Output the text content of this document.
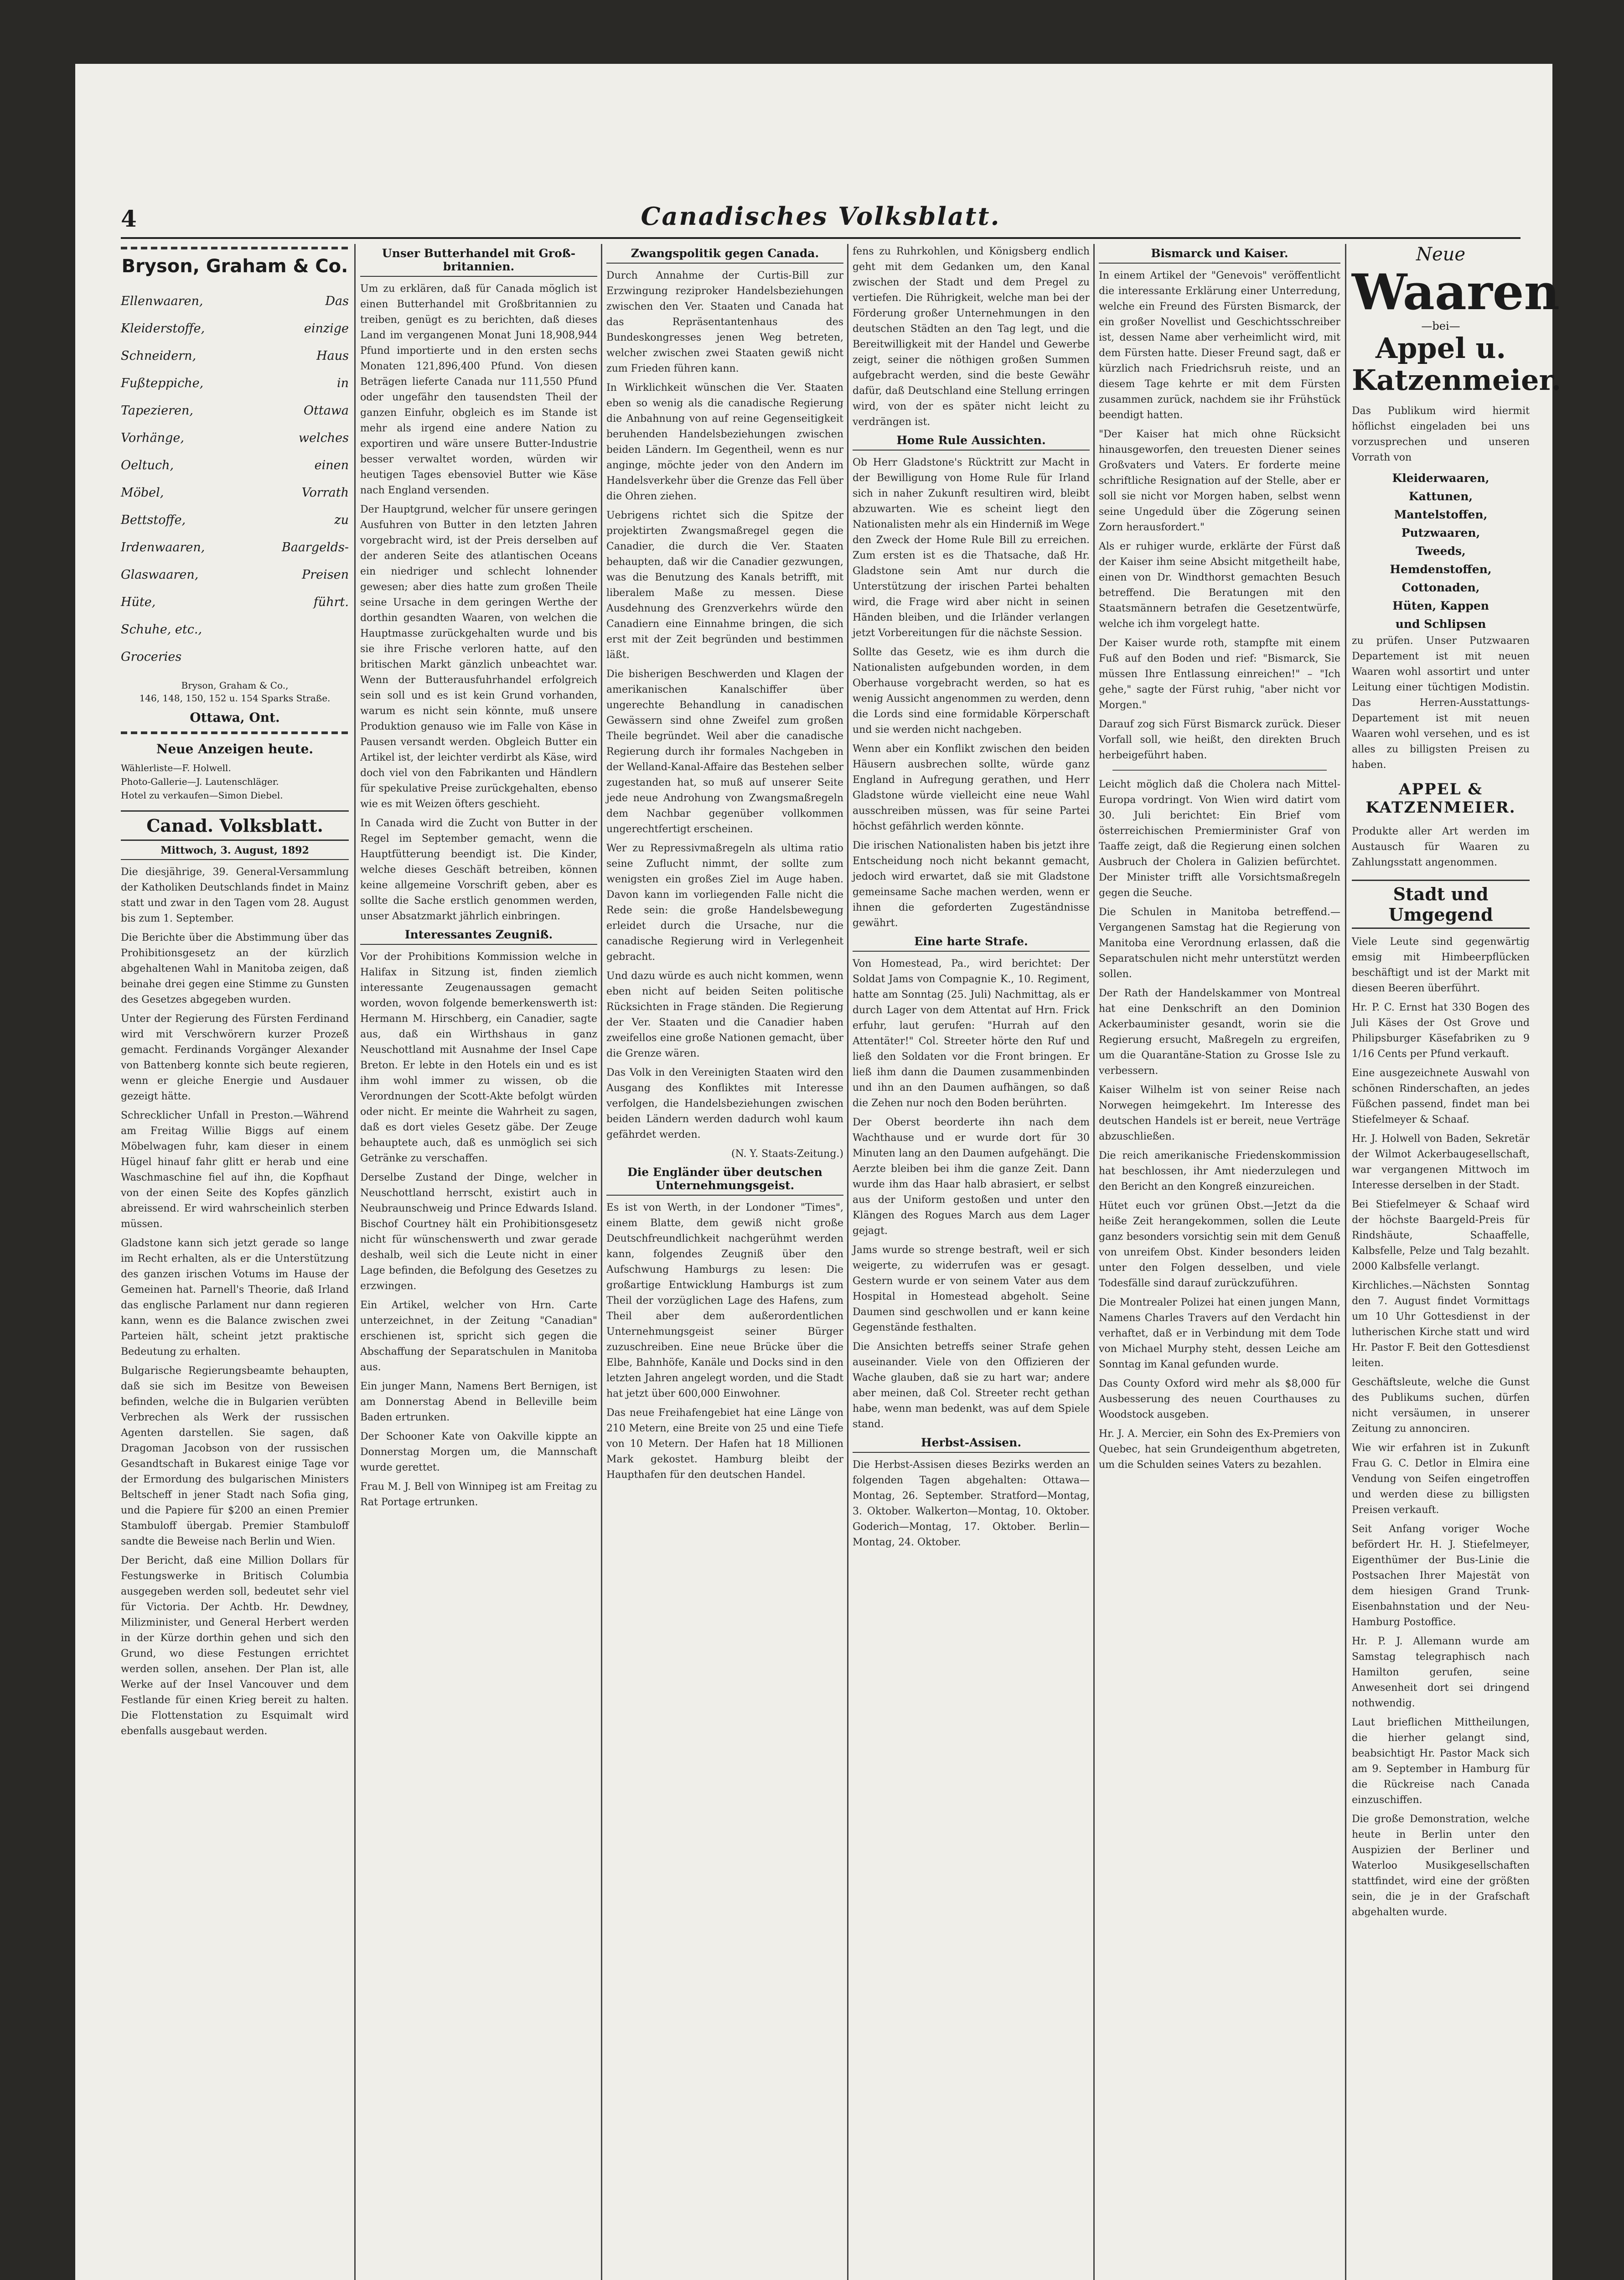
4	Canadisches Volksblatt.
Bryson, Graham & Co.
Ellenwaaren,	Das
Kleiderstoffe,	einzige
Schneidern,	Haus
Fußteppiche,	in
Tapezieren,	Ottawa
Vorhänge,	welches
Oeltuch,	einen
Möbel,	Vorrath
Bettstoffe,	zu
Irdenwaaren,	Baargelds-
Glaswaaren,	Preisen
Hüte,	führt.
Schuhe, etc.,
Groceries
Bryson, Graham & Co.,
146, 148, 150, 152 u. 154 Sparks Straße.
Ottawa, Ont.
Neue Anzeigen heute.
Wählerliste—F. Holwell.
Photo-Gallerie—J. Lautenschläger.
Hotel zu verkaufen—Simon Diebel.
Canad. Volksblatt.
Mittwoch, 3. August, 1892

Die diesjährige, 39. General-Versammlung der Katholiken Deutschlands findet in Mainz statt und zwar in den Tagen vom 28. August bis zum 1. September.

Die Berichte über die Abstimmung über das Prohibitionsgesetz an der kürzlich abgehaltenen Wahl in Manitoba zeigen, daß beinahe drei gegen eine Stimme zu Gunsten des Gesetzes abgegeben wurden.

Unter der Regierung des Fürsten Ferdinand wird mit Verschwörern kurzer Prozeß gemacht. Ferdinands Vorgänger Alexander von Battenberg konnte sich beute regieren, wenn er gleiche Energie und Ausdauer gezeigt hätte.

Schrecklicher Unfall in Preston.—Während am Freitag Willie Biggs auf einem Möbelwagen fuhr, kam dieser in einem Hügel hinauf fahr glitt er herab und eine Waschmaschine fiel auf ihn, die Kopfhaut von der einen Seite des Kopfes gänzlich abreissend. Er wird wahrscheinlich sterben müssen.

Gladstone kann sich jetzt gerade so lange im Recht erhalten, als er die Unterstützung des ganzen irischen Votums im Hause der Gemeinen hat. Parnell's Theorie, daß Irland das englische Parlament nur dann regieren kann, wenn es die Balance zwischen zwei Parteien hält, scheint jetzt praktische Bedeutung zu erhalten.

Bulgarische Regierungsbeamte behaupten, daß sie sich im Besitze von Beweisen befinden, welche die in Bulgarien verübten Verbrechen als Werk der russischen Agenten darstellen. Sie sagen, daß Dragoman Jacobson von der russischen Gesandtschaft in Bukarest einige Tage vor der Ermordung des bulgarischen Ministers Beltscheff in jener Stadt nach Sofia ging, und die Papiere für $200 an einen Premier Stambuloff übergab. Premier Stambuloff sandte die Beweise nach Berlin und Wien.

Der Bericht, daß eine Million Dollars für Festungswerke in Britisch Columbia ausgegeben werden soll, bedeutet sehr viel für Victoria. Der Achtb. Hr. Dewdney, Milizminister, und General Herbert werden in der Kürze dorthin gehen und sich den Grund, wo diese Festungen errichtet werden sollen, ansehen. Der Plan ist, alle Werke auf der Insel Vancouver und dem Festlande für einen Krieg bereit zu halten. Die Flottenstation zu Esquimalt wird ebenfalls ausgebaut werden.

Unser Butterhandel mit Groß-britannien.

Um zu erklären, daß für Canada möglich ist einen Butterhandel mit Großbritannien zu treiben, genügt es zu berichten, daß dieses Land im vergangenen Monat Juni 18,908,944 Pfund importierte und in den ersten sechs Monaten 121,896,400 Pfund. Von diesen Beträgen lieferte Canada nur 111,550 Pfund oder ungefähr den tausendsten Theil der ganzen Einfuhr, obgleich es im Stande ist mehr als irgend eine andere Nation zu exportiren und wäre unsere Butter-Industrie besser verwaltet worden, würden wir heutigen Tages ebensoviel Butter wie Käse nach England versenden.

Der Hauptgrund, welcher für unsere geringen Ausfuhren von Butter in den letzten Jahren vorgebracht wird, ist der Preis derselben auf der anderen Seite des atlantischen Oceans ein niedriger und schlecht lohnender gewesen; aber dies hatte zum großen Theile seine Ursache in dem geringen Werthe der dorthin gesandten Waaren, von welchen die Hauptmasse zurückgehalten wurde und bis sie ihre Frische verloren hatte, auf den britischen Markt gänzlich unbeachtet war. Wenn der Butterausfuhrhandel erfolgreich sein soll und es ist kein Grund vorhanden, warum es nicht sein könnte, muß unsere Produktion genauso wie im Falle von Käse in Pausen versandt werden. Obgleich Butter ein Artikel ist, der leichter verdirbt als Käse, wird doch viel von den Fabrikanten und Händlern für spekulative Preise zurückgehalten, ebenso wie es mit Weizen öfters geschieht.

In Canada wird die Zucht von Butter in der Regel im September gemacht, wenn die Hauptfütterung beendigt ist. Die Kinder, welche dieses Geschäft betreiben, können keine allgemeine Vorschrift geben, aber es sollte die Sache erstlich genommen werden, unser Absatzmarkt jährlich einbringen.

Interessantes Zeugniß.

Vor der Prohibitions Kommission welche in Halifax in Sitzung ist, finden ziemlich interessante Zeugenaussagen gemacht worden, wovon folgende bemerkenswerth ist: Hermann M. Hirschberg, ein Canadier, sagte aus, daß ein Wirthshaus in ganz Neuschottland mit Ausnahme der Insel Cape Breton. Er lebte in den Hotels ein und es ist ihm wohl immer zu wissen, ob die Verordnungen der Scott-Akte befolgt würden oder nicht. Er meinte die Wahrheit zu sagen, daß es dort vieles Gesetz gäbe. Der Zeuge behauptete auch, daß es unmöglich sei sich Getränke zu verschaffen.

Derselbe Zustand der Dinge, welcher in Neuschottland herrscht, existirt auch in Neubraunschweig und Prince Edwards Island. Bischof Courtney hält ein Prohibitionsgesetz nicht für wünschenswerth und zwar gerade deshalb, weil sich die Leute nicht in einer Lage befinden, die Befolgung des Gesetzes zu erzwingen.

Ein Artikel, welcher von Hrn. Carte unterzeichnet, in der Zeitung "Canadian" erschienen ist, spricht sich gegen die Abschaffung der Separatschulen in Manitoba aus.

Ein junger Mann, Namens Bert Bernigen, ist am Donnerstag Abend in Belleville beim Baden ertrunken.

Der Schooner Kate von Oakville kippte an Donnerstag Morgen um, die Mannschaft wurde gerettet.

Frau M. J. Bell von Winnipeg ist am Freitag zu Rat Portage ertrunken.

Zwangspolitik gegen Canada.

Durch Annahme der Curtis-Bill zur Erzwingung reziproker Handelsbeziehungen zwischen den Ver. Staaten und Canada hat das Repräsentantenhaus des Bundeskongresses jenen Weg betreten, welcher zwischen zwei Staaten gewiß nicht zum Frieden führen kann.

In Wirklichkeit wünschen die Ver. Staaten eben so wenig als die canadische Regierung die Anbahnung von auf reine Gegenseitigkeit beruhenden Handelsbeziehungen zwischen beiden Ländern. Im Gegentheil, wenn es nur anginge, möchte jeder von den Andern im Handelsverkehr über die Grenze das Fell über die Ohren ziehen.

Uebrigens richtet sich die Spitze der projektirten Zwangsmaßregel gegen die Canadier, die durch die Ver. Staaten behaupten, daß wir die Canadier gezwungen, was die Benutzung des Kanals betrifft, mit liberalem Maße zu messen. Diese Ausdehnung des Grenzverkehrs würde den Canadiern eine Einnahme bringen, die sich erst mit der Zeit begründen und bestimmen läßt.

Die bisherigen Beschwerden und Klagen der amerikanischen Kanalschiffer über ungerechte Behandlung in canadischen Gewässern sind ohne Zweifel zum großen Theile begründet. Weil aber die canadische Regierung durch ihr formales Nachgeben in der Welland-Kanal-Affaire das Bestehen selber zugestanden hat, so muß auf unserer Seite jede neue Androhung von Zwangsmaßregeln dem Nachbar gegenüber vollkommen ungerechtfertigt erscheinen.

Wer zu Repressivmaßregeln als ultima ratio seine Zuflucht nimmt, der sollte zum wenigsten ein großes Ziel im Auge haben. Davon kann im vorliegenden Falle nicht die Rede sein: die große Handelsbewegung erleidet durch die Ursache, nur die canadische Regierung wird in Verlegenheit gebracht.

Und dazu würde es auch nicht kommen, wenn eben nicht auf beiden Seiten politische Rücksichten in Frage ständen. Die Regierung der Ver. Staaten und die Canadier haben zweifellos eine große Nationen gemacht, über die Grenze wären.

Das Volk in den Vereinigten Staaten wird den Ausgang des Konfliktes mit Interesse verfolgen, die Handelsbeziehungen zwischen beiden Ländern werden dadurch wohl kaum gefährdet werden.

(N. Y. Staats-Zeitung.)

Die Engländer über deutschen Unternehmungsgeist.

Es ist von Werth, in der Londoner "Times", einem Blatte, dem gewiß nicht große Deutschfreundlichkeit nachgerühmt werden kann, folgendes Zeugniß über den Aufschwung Hamburgs zu lesen: Die großartige Entwicklung Hamburgs ist zum Theil der vorzüglichen Lage des Hafens, zum Theil aber dem außerordentlichen Unternehmungsgeist seiner Bürger zuzuschreiben. Eine neue Brücke über die Elbe, Bahnhöfe, Kanäle und Docks sind in den letzten Jahren angelegt worden, und die Stadt hat jetzt über 600,000 Einwohner.

Das neue Freihafengebiet hat eine Länge von 210 Metern, eine Breite von 25 und eine Tiefe von 10 Metern. Der Hafen hat 18 Millionen Mark gekostet. Hamburg bleibt der Haupthafen für den deutschen Handel.

fens zu Ruhrkohlen, und Königsberg endlich geht mit dem Gedanken um, den Kanal zwischen der Stadt und dem Pregel zu vertiefen. Die Rührigkeit, welche man bei der Förderung großer Unternehmungen in den deutschen Städten an den Tag legt, und die Bereitwilligkeit mit der Handel und Gewerbe zeigt, seiner die nöthigen großen Summen aufgebracht werden, sind die beste Gewähr dafür, daß Deutschland eine Stellung erringen wird, von der es später nicht leicht zu verdrängen ist.

Home Rule Aussichten.

Ob Herr Gladstone's Rücktritt zur Macht in der Bewilligung von Home Rule für Irland sich in naher Zukunft resultiren wird, bleibt abzuwarten. Wie es scheint liegt den Nationalisten mehr als ein Hinderniß im Wege den Zweck der Home Rule Bill zu erreichen. Zum ersten ist es die Thatsache, daß Hr. Gladstone sein Amt nur durch die Unterstützung der irischen Partei behalten wird, die Frage wird aber nicht in seinen Händen bleiben, und die Irländer verlangen jetzt Vorbereitungen für die nächste Session.

Sollte das Gesetz, wie es ihm durch die Nationalisten aufgebunden worden, in dem Oberhause vorgebracht werden, so hat es wenig Aussicht angenommen zu werden, denn die Lords sind eine formidable Körperschaft und sie werden nicht nachgeben.

Wenn aber ein Konflikt zwischen den beiden Häusern ausbrechen sollte, würde ganz England in Aufregung gerathen, und Herr Gladstone würde vielleicht eine neue Wahl ausschreiben müssen, was für seine Partei höchst gefährlich werden könnte.

Die irischen Nationalisten haben bis jetzt ihre Entscheidung noch nicht bekannt gemacht, jedoch wird erwartet, daß sie mit Gladstone gemeinsame Sache machen werden, wenn er ihnen die geforderten Zugeständnisse gewährt.

Eine harte Strafe.

Von Homestead, Pa., wird berichtet: Der Soldat Jams von Compagnie K., 10. Regiment, hatte am Sonntag (25. Juli) Nachmittag, als er durch Lager von dem Attentat auf Hrn. Frick erfuhr, laut gerufen: "Hurrah auf den Attentäter!" Col. Streeter hörte den Ruf und ließ den Soldaten vor die Front bringen. Er ließ ihm dann die Daumen zusammenbinden und ihn an den Daumen aufhängen, so daß die Zehen nur noch den Boden berührten.

Der Oberst beorderte ihn nach dem Wachthause und er wurde dort für 30 Minuten lang an den Daumen aufgehängt. Die Aerzte bleiben bei ihm die ganze Zeit. Dann wurde ihm das Haar halb abrasiert, er selbst aus der Uniform gestoßen und unter den Klängen des Rogues March aus dem Lager gejagt.

Jams wurde so strenge bestraft, weil er sich weigerte, zu widerrufen was er gesagt. Gestern wurde er von seinem Vater aus dem Hospital in Homestead abgeholt. Seine Daumen sind geschwollen und er kann keine Gegenstände festhalten.

Die Ansichten betreffs seiner Strafe gehen auseinander. Viele von den Offizieren der Wache glauben, daß sie zu hart war; andere aber meinen, daß Col. Streeter recht gethan habe, wenn man bedenkt, was auf dem Spiele stand.

Herbst-Assisen.

Die Herbst-Assisen dieses Bezirks werden an folgenden Tagen abgehalten: Ottawa—Montag, 26. September. Stratford—Montag, 3. Oktober. Walkerton—Montag, 10. Oktober. Goderich—Montag, 17. Oktober. Berlin—Montag, 24. Oktober.

Bismarck und Kaiser.

In einem Artikel der "Genevois" veröffentlicht die interessante Erklärung einer Unterredung, welche ein Freund des Fürsten Bismarck, der ein großer Novellist und Geschichtsschreiber ist, dessen Name aber verheimlicht wird, mit dem Fürsten hatte. Dieser Freund sagt, daß er kürzlich nach Friedrichsruh reiste, und an diesem Tage kehrte er mit dem Fürsten zusammen zurück, nachdem sie ihr Frühstück beendigt hatten.

"Der Kaiser hat mich ohne Rücksicht hinausgeworfen, den treuesten Diener seines Großvaters und Vaters. Er forderte meine schriftliche Resignation auf der Stelle, aber er soll sie nicht vor Morgen haben, selbst wenn seine Ungeduld über die Zögerung seinen Zorn herausfordert."

Als er ruhiger wurde, erklärte der Fürst daß der Kaiser ihm seine Absicht mitgetheilt habe, einen von Dr. Windthorst gemachten Besuch betreffend. Die Beratungen mit den Staatsmännern betrafen die Gesetzentwürfe, welche ich ihm vorgelegt hatte.

Der Kaiser wurde roth, stampfte mit einem Fuß auf den Boden und rief: "Bismarck, Sie müssen Ihre Entlassung einreichen!" – "Ich gehe," sagte der Fürst ruhig, "aber nicht vor Morgen."

Darauf zog sich Fürst Bismarck zurück. Dieser Vorfall soll, wie heißt, den direkten Bruch herbeigeführt haben.

Leicht möglich daß die Cholera nach Mittel-Europa vordringt. Von Wien wird datirt vom 30. Juli berichtet: Ein Brief vom österreichischen Premierminister Graf von Taaffe zeigt, daß die Regierung einen solchen Ausbruch der Cholera in Galizien befürchtet. Der Minister trifft alle Vorsichtsmaßregeln gegen die Seuche.

Die Schulen in Manitoba betreffend.—Vergangenen Samstag hat die Regierung von Manitoba eine Verordnung erlassen, daß die Separatschulen nicht mehr unterstützt werden sollen.

Der Rath der Handelskammer von Montreal hat eine Denkschrift an den Dominion Ackerbauminister gesandt, worin sie die Regierung ersucht, Maßregeln zu ergreifen, um die Quarantäne-Station zu Grosse Isle zu verbessern.

Kaiser Wilhelm ist von seiner Reise nach Norwegen heimgekehrt. Im Interesse des deutschen Handels ist er bereit, neue Verträge abzuschließen.

Die reich amerikanische Friedenskommission hat beschlossen, ihr Amt niederzulegen und den Bericht an den Kongreß einzureichen.

Hütet euch vor grünen Obst.—Jetzt da die heiße Zeit herangekommen, sollen die Leute ganz besonders vorsichtig sein mit dem Genuß von unreifem Obst. Kinder besonders leiden unter den Folgen desselben, und viele Todesfälle sind darauf zurückzuführen.

Die Montrealer Polizei hat einen jungen Mann, Namens Charles Travers auf den Verdacht hin verhaftet, daß er in Verbindung mit dem Tode von Michael Murphy steht, dessen Leiche am Sonntag im Kanal gefunden wurde.

Das County Oxford wird mehr als $8,000 für Ausbesserung des neuen Courthauses zu Woodstock ausgeben.

Hr. J. A. Mercier, ein Sohn des Ex-Premiers von Quebec, hat sein Grundeigenthum abgetreten, um die Schulden seines Vaters zu bezahlen.

Neue
Waaren
—bei—
Appel u. Katzenmeier.

Das Publikum wird hiermit höflichst eingeladen bei uns vorzusprechen und unseren Vorrath von

Kleiderwaaren,
Kattunen,
Mantelstoffen,
Putzwaaren,
Tweeds,
Hemdenstoffen,
Cottonaden,
Hüten, Kappen
und Schlipsen

zu prüfen. Unser Putzwaaren Departement ist mit neuen Waaren wohl assortirt und unter Leitung einer tüchtigen Modistin. Das Herren-Ausstattungs-Departement ist mit neuen Waaren wohl versehen, und es ist alles zu billigsten Preisen zu haben.

APPEL & KATZENMEIER.

Produkte aller Art werden im Austausch für Waaren zu Zahlungsstatt angenommen.

Stadt und Umgegend

Viele Leute sind gegenwärtig emsig mit Himbeerpflücken beschäftigt und ist der Markt mit diesen Beeren überführt.

Hr. P. C. Ernst hat 330 Bogen des Juli Käses der Ost Grove und Philipsburger Käsefabriken zu 9 1/16 Cents per Pfund verkauft.

Eine ausgezeichnete Auswahl von schönen Rinderschaften, an jedes Füßchen passend, findet man bei Stiefelmeyer & Schaaf.

Hr. J. Holwell von Baden, Sekretär der Wilmot Ackerbaugesellschaft, war vergangenen Mittwoch im Interesse derselben in der Stadt.

Bei Stiefelmeyer & Schaaf wird der höchste Baargeld-Preis für Rindshäute, Schaaffelle, Kalbsfelle, Pelze und Talg bezahlt. 2000 Kalbsfelle verlangt.

Kirchliches.—Nächsten Sonntag den 7. August findet Vormittags um 10 Uhr Gottesdienst in der lutherischen Kirche statt und wird Hr. Pastor F. Beit den Gottesdienst leiten.

Geschäftsleute, welche die Gunst des Publikums suchen, dürfen nicht versäumen, in unserer Zeitung zu annonciren.

Wie wir erfahren ist in Zukunft Frau G. C. Detlor in Elmira eine Vendung von Seifen eingetroffen und werden diese zu billigsten Preisen verkauft.

Seit Anfang voriger Woche befördert Hr. H. J. Stiefelmeyer, Eigenthümer der Bus-Linie die Postsachen Ihrer Majestät von dem hiesigen Grand Trunk-Eisenbahnstation und der Neu-Hamburg Postoffice.

Hr. P. J. Allemann wurde am Samstag telegraphisch nach Hamilton gerufen, seine Anwesenheit dort sei dringend nothwendig.

Laut brieflichen Mittheilungen, die hierher gelangt sind, beabsichtigt Hr. Pastor Mack sich am 9. September in Hamburg für die Rückreise nach Canada einzuschiffen.

Die große Demonstration, welche heute in Berlin unter den Auspizien der Berliner und Waterloo Musikgesellschaften stattfindet, wird eine der größten sein, die je in der Grafschaft abgehalten wurde.
